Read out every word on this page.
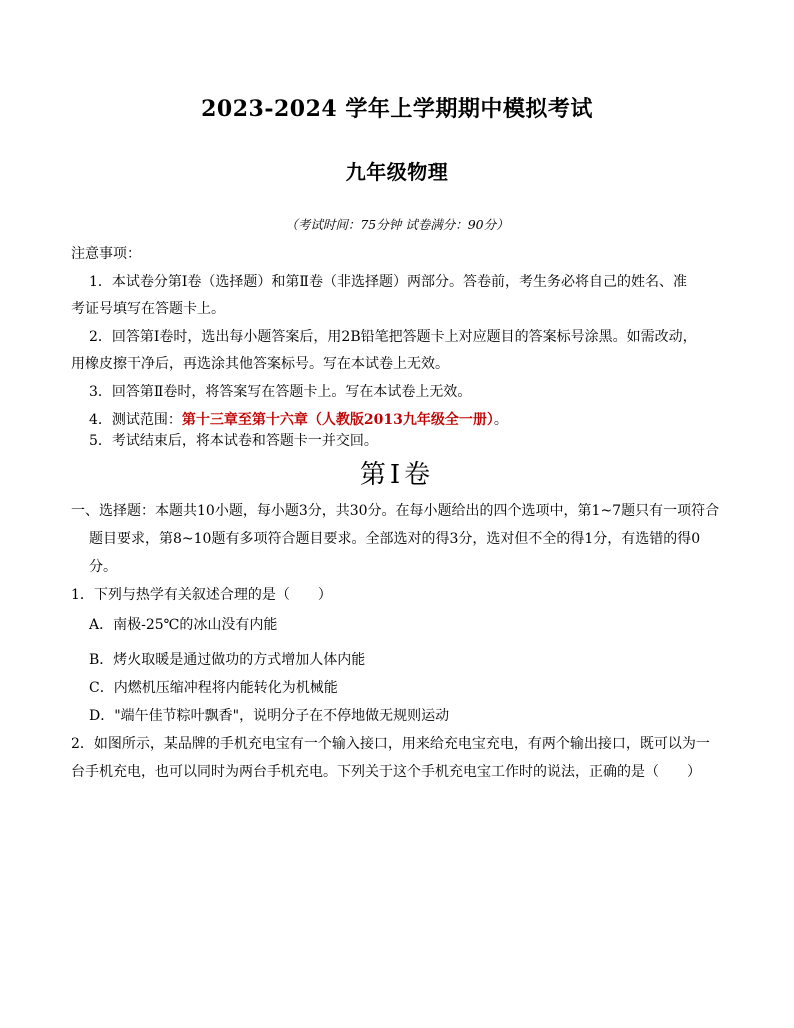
2023-2024 学年上学期期中模拟考试
九年级物理
（考试时间：75分钟 试卷满分：90分）
注意事项：
1．本试卷分第Ⅰ卷（选择题）和第Ⅱ卷（非选择题）两部分。答卷前，考生务必将自己的姓名、准
考证号填写在答题卡上。
2．回答第Ⅰ卷时，选出每小题答案后，用2B铅笔把答题卡上对应题目的答案标号涂黑。如需改动，
用橡皮擦干净后，再选涂其他答案标号。写在本试卷上无效。
3．回答第Ⅱ卷时，将答案写在答题卡上。写在本试卷上无效。
4．测试范围：第十三章至第十六章（人教版2013九年级全一册）。
5．考试结束后，将本试卷和答题卡一并交回。
第Ⅰ卷
一、选择题：本题共10小题，每小题3分，共30分。在每小题给出的四个选项中，第1~7题只有一项符合
题目要求，第8~10题有多项符合题目要求。全部选对的得3分，选对但不全的得1分，有选错的得0
分。
1．下列与热学有关叙述合理的是（　　）
A．南极-25℃的冰山没有内能
B．烤火取暖是通过做功的方式增加人体内能
C．内燃机压缩冲程将内能转化为机械能
D．"端午佳节粽叶飘香"，说明分子在不停地做无规则运动
2．如图所示，某品牌的手机充电宝有一个输入接口，用来给充电宝充电，有两个输出接口，既可以为一
台手机充电，也可以同时为两台手机充电。下列关于这个手机充电宝工作时的说法，正确的是（　　）
